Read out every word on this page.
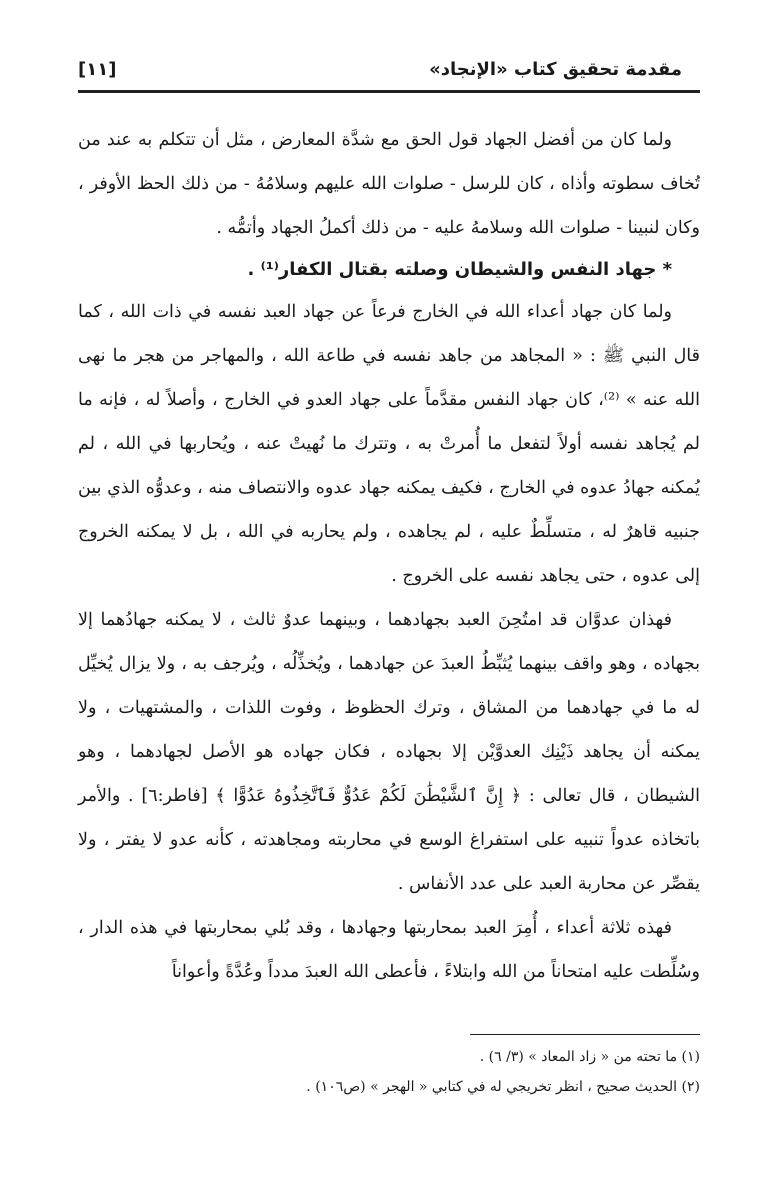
مقدمة تحقيق كتاب «الإنجاد»
[١١]

ولما كان من أفضل الجهاد قول الحق مع شدَّة المعارض ، مثل أن تتكلم به عند من تُخاف سطوته وأذاه ، كان للرسل - صلوات الله عليهم وسلامُهُ - من ذلك الحظ الأوفر ، وكان لنبينا - صلوات الله وسلامهُ عليه - من ذلك أكملُ الجهاد وأتمُّه .

* جهاد النفس والشيطان وصلته بقتال الكفار⁽¹⁾ .

ولما كان جهاد أعداء الله في الخارج فرعاً عن جهاد العبد نفسه في ذات الله ، كما قال النبي ﷺ : « المجاهد من جاهد نفسه في طاعة الله ، والمهاجر من هجر ما نهى الله عنه » ⁽²⁾، كان جهاد النفس مقدَّماً على جهاد العدو في الخارج ، وأصلاً له ، فإنه ما لم يُجاهد نفسه أولاً لتفعل ما أُمرتْ به ، وتترك ما نُهيتْ عنه ، ويُحاربها في الله ، لم يُمكنه جهادُ عدوه في الخارج ، فكيف يمكنه جهاد عدوه والانتصاف منه ، وعدوُّه الذي بين جنبيه قاهرٌ له ، متسلِّطٌ عليه ، لم يجاهده ، ولم يحاربه في الله ، بل لا يمكنه الخروج إلى عدوه ، حتى يجاهد نفسه على الخروج .

فهذان عدوَّان قد امتُحِنَ العبد بجهادهما ، وبينهما عدوٌ ثالث ، لا يمكنه جهادُهما إلا بجهاده ، وهو واقف بينهما يُثبِّطُ العبدَ عن جهادهما ، ويُخذِّلُه ، ويُرجف به ، ولا يزال يُخيِّل له ما في جهادهما من المشاق ، وترك الحظوظ ، وفوت اللذات ، والمشتهيات ، ولا يمكنه أن يجاهد ذَيْنِك العدوَّيْن إلا بجهاده ، فكان جهاده هو الأصل لجهادهما ، وهو الشيطان ، قال تعالى : ﴿ إِنَّ ٱلشَّيْطَٰنَ لَكُمْ عَدُوٌّ فَٱتَّخِذُوهُ عَدُوًّا ﴾ [فاطر:٦] . والأمر باتخاذه عدواً تنبيه على استفراغ الوسع في محاربته ومجاهدته ، كأنه عدو لا يفتر ، ولا يقصِّر عن محاربة العبد على عدد الأنفاس .

فهذه ثلاثة أعداء ، أُمِرَ العبد بمحاربتها وجهادها ، وقد بُلي بمحاربتها في هذه الدار ، وسُلِّطت عليه امتحاناً من الله وابتلاءً ، فأعطى الله العبدَ مدداً وعُدَّةً وأعواناً

(١) ما تحته من « زاد المعاد » (٣/ ٦) .

(٢) الحديث صحيح ، انظر تخريجي له في كتابي « الهجر » (ص١٠٦) .
